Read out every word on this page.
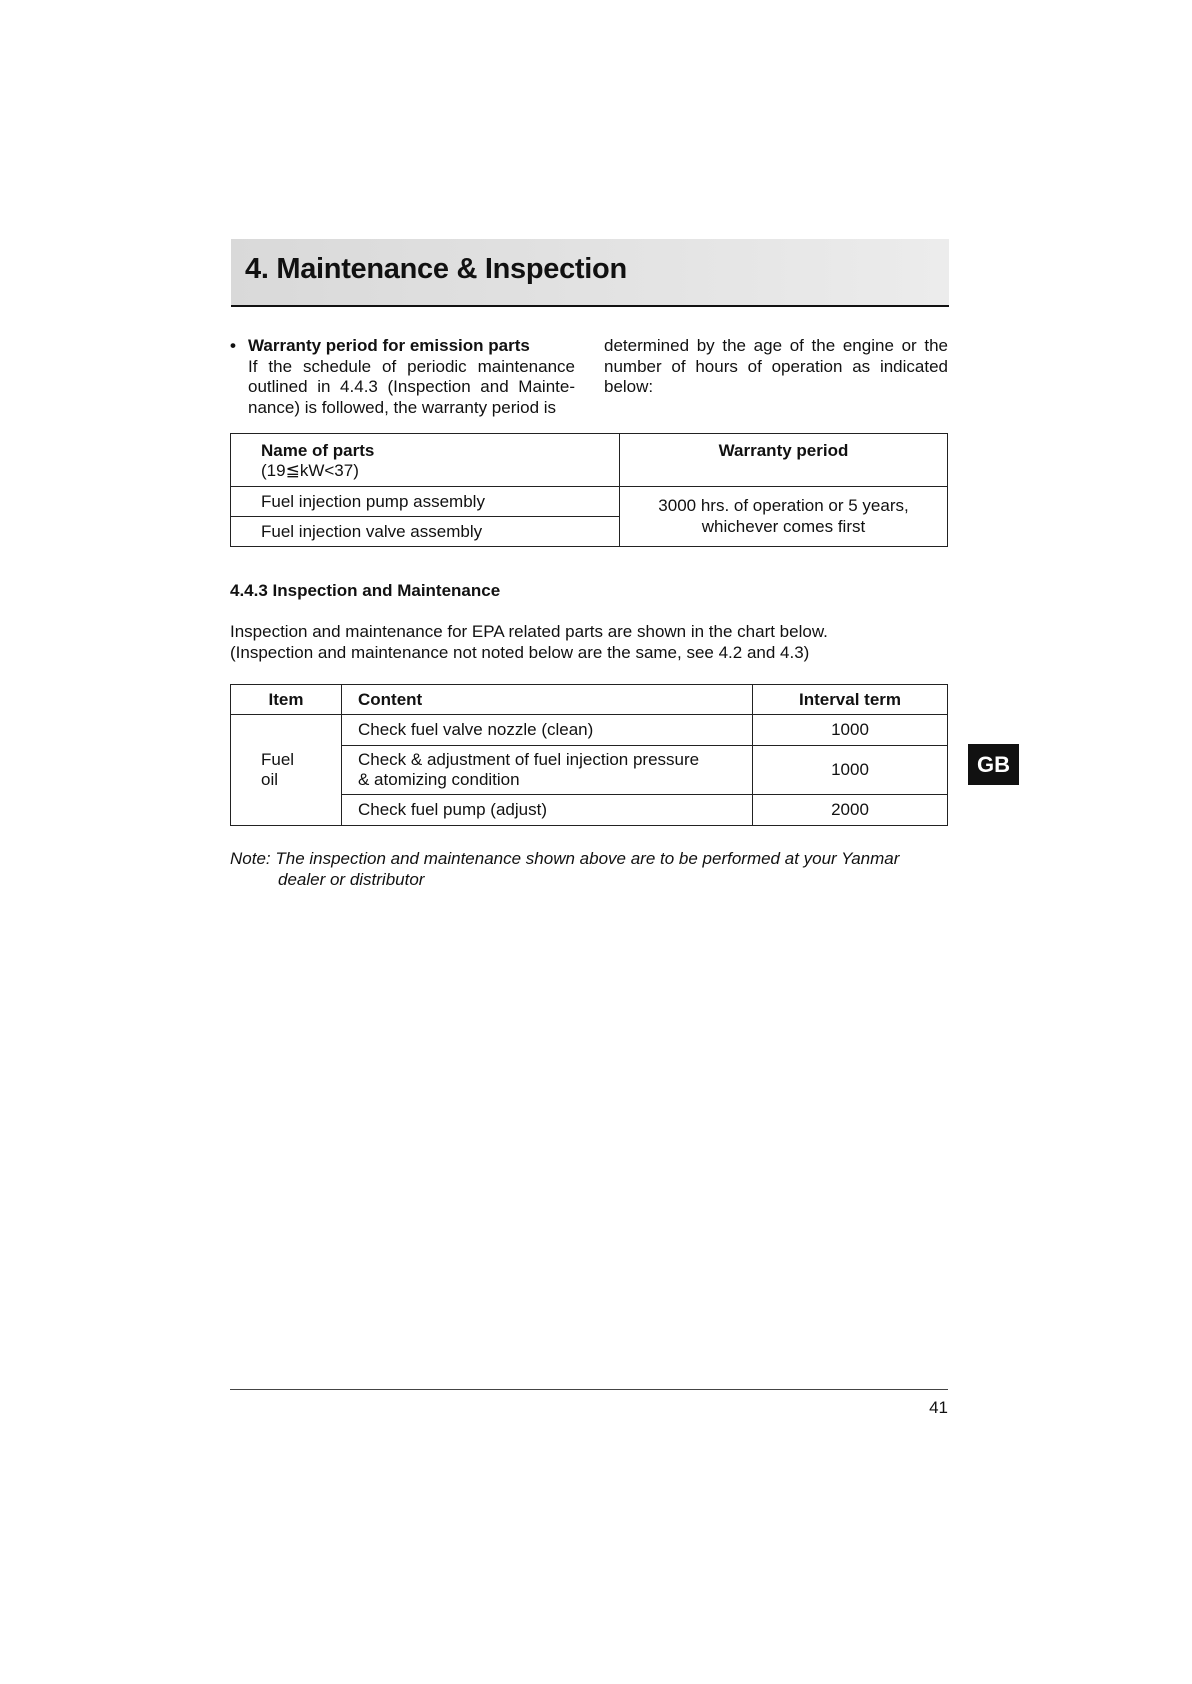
4. Maintenance & Inspection
• Warranty period for emission parts
If the schedule of periodic maintenance outlined in 4.4.3 (Inspection and Mainte-nance) is followed, the warranty period is
determined by the age of the engine or the number of hours of operation as indicated below:
Name of parts
(19≦kW<37)	Warranty period

Fuel injection pump assembly	3000 hrs. of operation or 5 years,
whichever comes first

Fuel injection valve assembly	
4.4.3 Inspection and Maintenance
Inspection and maintenance for EPA related parts are shown in the chart below.
(Inspection and maintenance not noted below are the same, see 4.2 and 4.3)
Item	Content	Interval term

Fuel
oil	Check fuel valve nozzle (clean)	1000

	Check & adjustment of fuel injection pressure
& atomizing condition	1000
	Check fuel pump (adjust)	2000
Note: The inspection and maintenance shown above are to be performed at your Yanmar
dealer or distributor
GB
41
